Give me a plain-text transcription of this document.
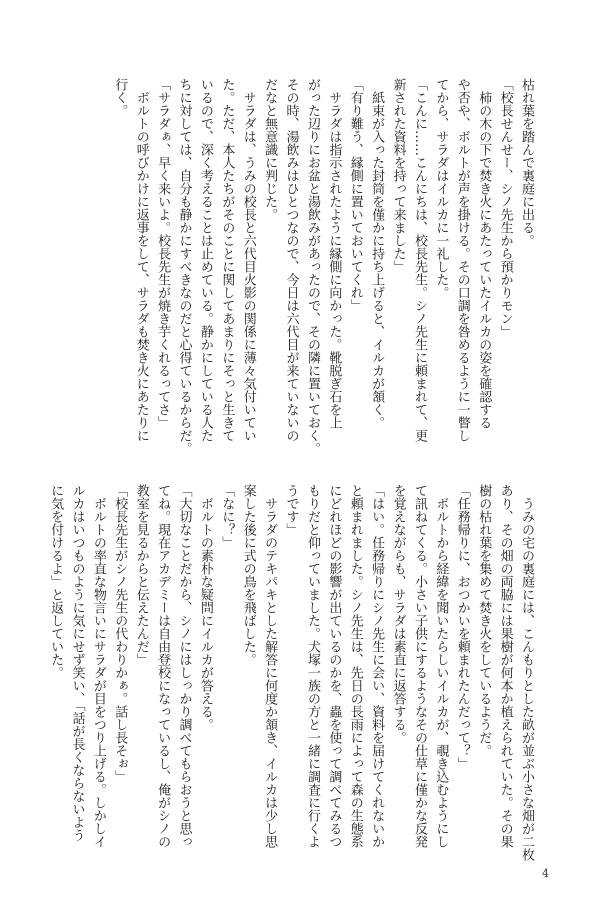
枯れ葉を踏んで裏庭に出る。
「校長せんせー、シノ先生から預かりモン」
　柿の木の下で焚き火にあたっていたイルカの姿を確認する
や否や、ボルトが声を掛ける。その口調を咎めるように一瞥し
てから、サラダはイルカに一礼した。
「こんに……こんにちは、校長先生。シノ先生に頼まれて、更
新された資料を持って来ました」
　紙束が入った封筒を僅かに持ち上げると、イルカが頷く。
「有り難う、縁側に置いておいてくれ」
　サラダは指示されたように縁側に向かった。靴脱ぎ石を上
がった辺りにお盆と湯飲みがあったので、その隣に置いておく。
その時、湯飲みはひとつなので、今日は六代目が来ていないの
だなと無意識に判じた。
　サラダは、うみの校長と六代目火影の関係に薄々気付いてい
た。ただ、本人たちがそのことに関してあまりにそっと生きて
いるので、深く考えることは止めている。静かにしている人た
ちに対しては、自分も静かにすべきなのだと心得ているからだ。
「サラダぁ、早く来いよ。校長先生が焼き芋くれるってさ」
　ボルトの呼びかけに返事をして、サラダも焚き火にあたりに
行く。
　うみの宅の裏庭には、こんもりとした畝が並ぶ小さな畑が二枚
あり、その畑の両脇には果樹が何本か植えられていた。その果
樹の枯れ葉を集めて焚き火をしているようだ。
「任務帰りに、おつかいを頼まれたんだって？」
　ボルトから経緯を聞いたらしいイルカが、覗き込むようにし
て訊ねてくる。小さい子供にするようなその仕草に僅かな反発
を覚えながらも、サラダは素直に返答する。
「はい。任務帰りにシノ先生に会い、資料を届けてくれないか
と頼まれました。シノ先生は、先日の長雨によって森の生態系
にどれほどの影響が出ているのかを、蟲を使って調べてみるつ
もりだと仰っていました。犬塚一族の方と一緒に調査に行くよ
うです」
　サラダのテキパキとした解答に何度か頷き、イルカは少し思
案した後に式の鳥を飛ばした。
「なに？」
　ボルトの素朴な疑問にイルカが答える。
「大切なことだから、シノにはしっかり調べてもらおうと思っ
てね。現在アカデミーは自由登校になっているし、俺がシノの
教室を見るからと伝えたんだ」
「校長先生がシノ先生の代わりかぁ。話し長そぉ」
　ボルトの率直な物言いにサラダが目をつり上げる。しかしイ
ルカはいつものように気にせず笑い、「話が長くならないよう
に気を付けるよ」と返していた。
4
